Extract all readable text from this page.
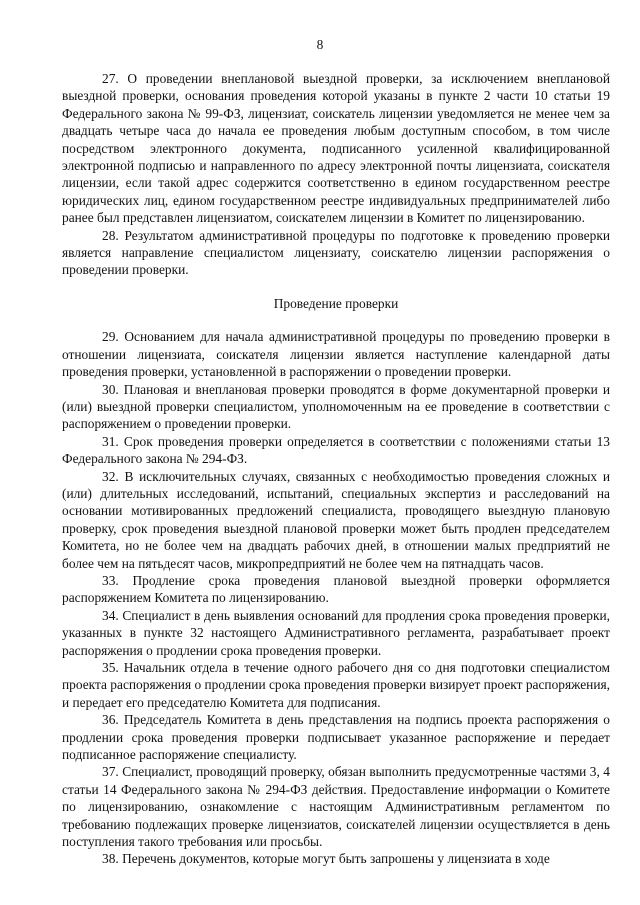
8

27. О проведении внеплановой выездной проверки, за исключением внеплановой выездной проверки, основания проведения которой указаны в пункте 2 части 10 статьи 19 Федерального закона № 99-ФЗ, лицензиат, соискатель лицензии уведомляется не менее чем за двадцать четыре часа до начала ее проведения любым доступным способом, в том числе посредством электронного документа, подписанного усиленной квалифицированной электронной подписью и направленного по адресу электронной почты лицензиата, соискателя лицензии, если такой адрес содержится соответственно в едином государственном реестре юридических лиц, едином государственном реестре индивидуальных предпринимателей либо ранее был представлен лицензиатом, соискателем лицензии в Комитет по лицензированию.

28. Результатом административной процедуры по подготовке к проведению проверки является направление специалистом лицензиату, соискателю лицензии распоряжения о проведении проверки.

Проведение проверки

29. Основанием для начала административной процедуры по проведению проверки в отношении лицензиата, соискателя лицензии является наступление календарной даты проведения проверки, установленной в распоряжении о проведении проверки.

30. Плановая и внеплановая проверки проводятся в форме документарной проверки и (или) выездной проверки специалистом, уполномоченным на ее проведение в соответствии с распоряжением о проведении проверки.

31. Срок проведения проверки определяется в соответствии с положениями статьи 13 Федерального закона № 294-ФЗ.

32. В исключительных случаях, связанных с необходимостью проведения сложных и (или) длительных исследований, испытаний, специальных экспертиз и расследований на основании мотивированных предложений специалиста, проводящего выездную плановую проверку, срок проведения выездной плановой проверки может быть продлен председателем Комитета, но не более чем на двадцать рабочих дней, в отношении малых предприятий не более чем на пятьдесят часов, микропредприятий не более чем на пятнадцать часов.

33. Продление срока проведения плановой выездной проверки оформляется распоряжением Комитета по лицензированию.

34. Специалист в день выявления оснований для продления срока проведения проверки, указанных в пункте 32 настоящего Административного регламента, разрабатывает проект распоряжения о продлении срока проведения проверки.

35. Начальник отдела в течение одного рабочего дня со дня подготовки специалистом проекта распоряжения о продлении срока проведения проверки визирует проект распоряжения, и передает его председателю Комитета для подписания.

36. Председатель Комитета в день представления на подпись проекта распоряжения о продлении срока проведения проверки подписывает указанное распоряжение и передает подписанное распоряжение специалисту.

37. Специалист, проводящий проверку, обязан выполнить предусмотренные частями 3, 4 статьи 14 Федерального закона № 294-ФЗ действия. Предоставление информации о Комитете по лицензированию, ознакомление с настоящим Административным регламентом по требованию подлежащих проверке лицензиатов, соискателей лицензии осуществляется в день поступления такого требования или просьбы.

38. Перечень документов, которые могут быть запрошены у лицензиата в ходе
